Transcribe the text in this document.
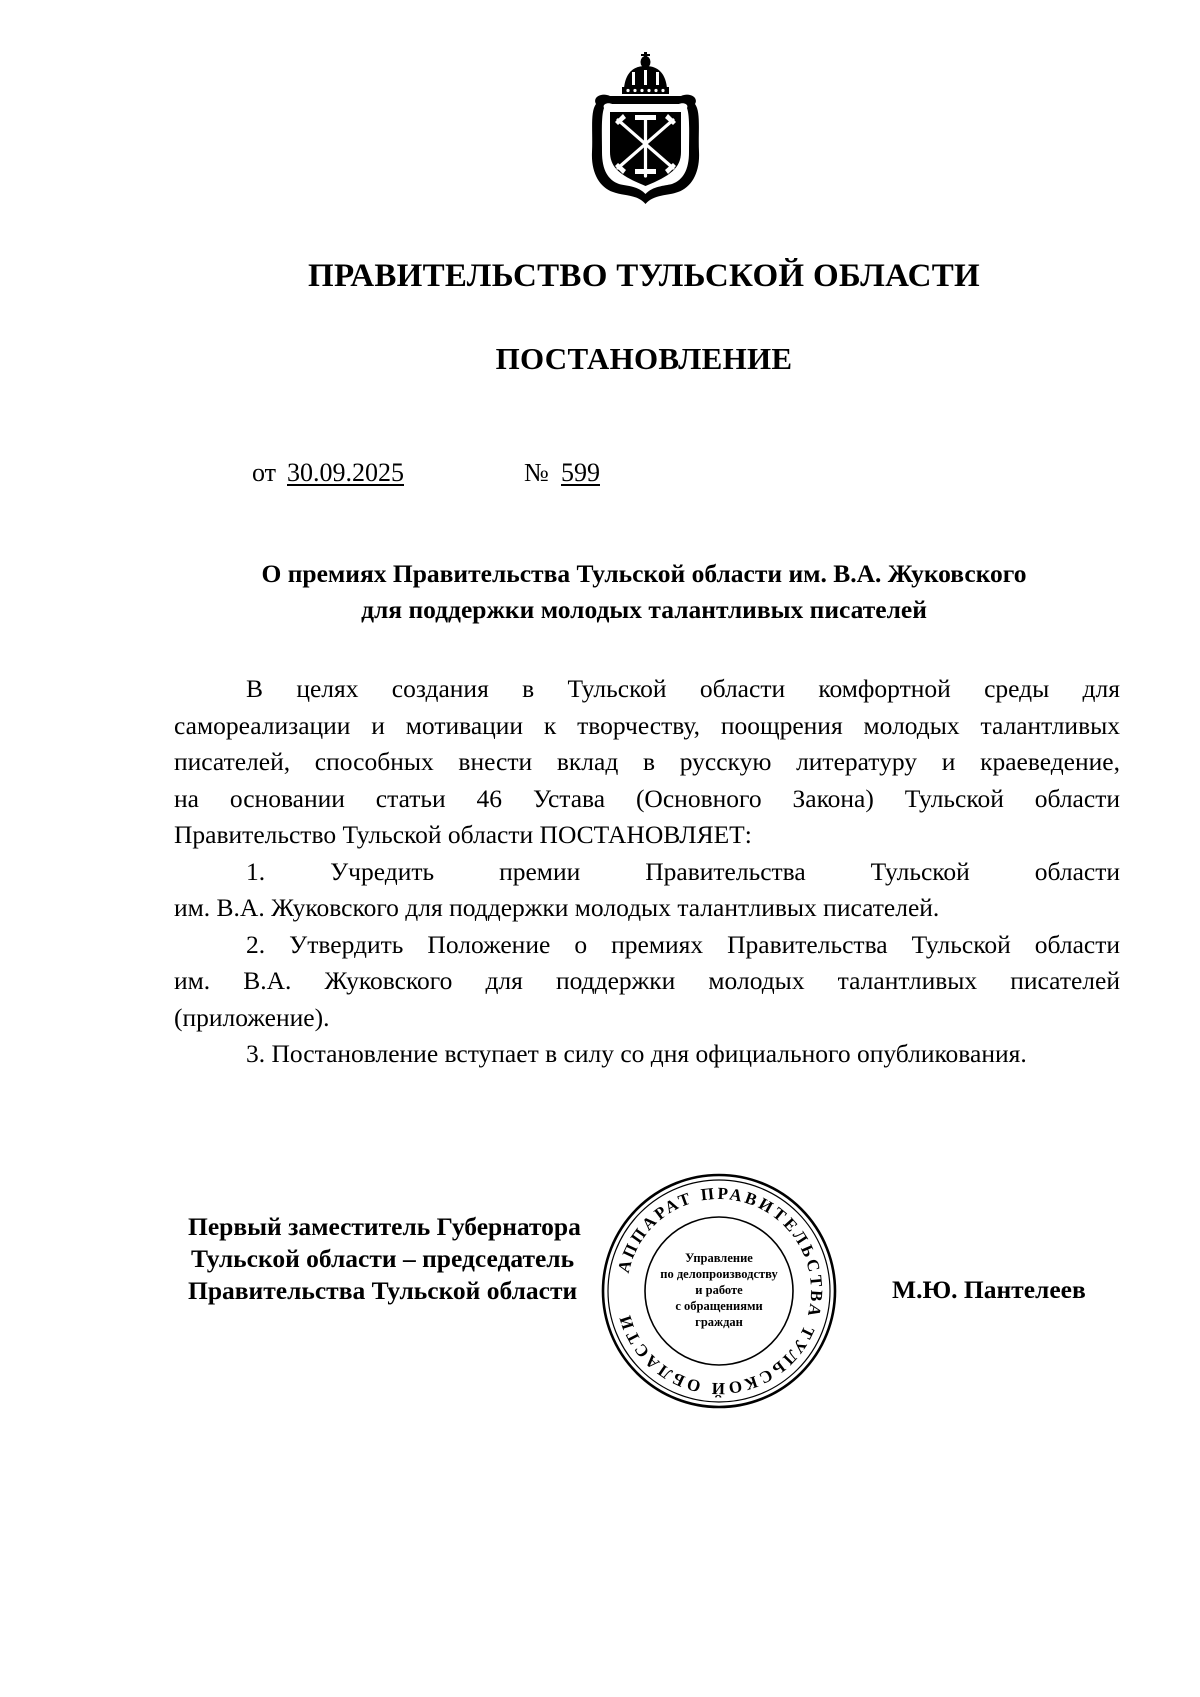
ПРАВИТЕЛЬСТВО ТУЛЬСКОЙ ОБЛАСТИ
ПОСТАНОВЛЕНИЕ
от 30.09.2025	№ 599
О премиях Правительства Тульской области им. В.А. Жуковского
для поддержки молодых талантливых писателей
В целях создания в Тульской области комфортной среды для
самореализации и мотивации к творчеству, поощрения молодых талантливых
писателей, способных внести вклад в русскую литературу и краеведение,
на основании статьи 46 Устава (Основного Закона) Тульской области
Правительство Тульской области ПОСТАНОВЛЯЕТ:
1. Учредить премии Правительства Тульской области
им. В.А. Жуковского для поддержки молодых талантливых писателей.
2. Утвердить Положение о премиях Правительства Тульской области
им. В.А. Жуковского для поддержки молодых талантливых писателей
(приложение).
3. Постановление вступает в силу со дня официального опубликования.
Первый заместитель Губернатора
Тульской области – председатель
Правительства Тульской области	М.Ю. Пантелеев
АППАРАТ ПРАВИТЕЛЬСТВА ТУЛЬСКОЙ ОБЛАСТИ
Управление
по делопроизводству
и работе
с обращениями
граждан
